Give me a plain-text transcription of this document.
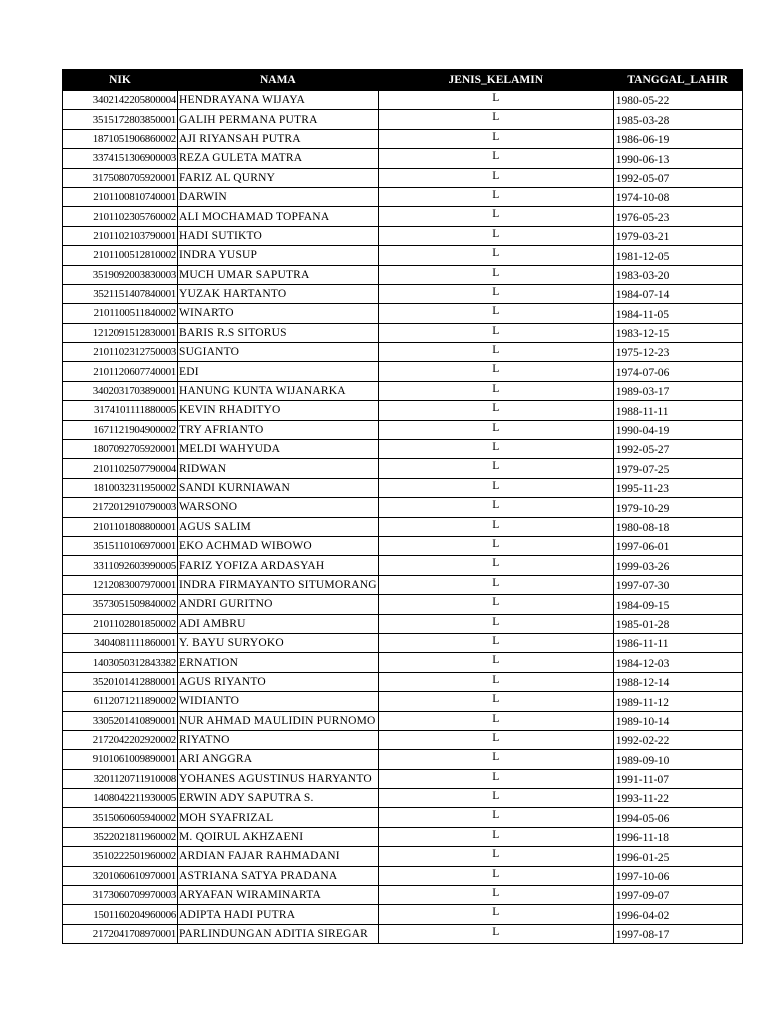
NIK	NAMA	JENIS_KELAMIN	TANGGAL_LAHIR
3402142205800004	HENDRAYANA WIJAYA	L	1980-05-22
3515172803850001	GALIH PERMANA PUTRA	L	1985-03-28
1871051906860002	AJI RIYANSAH PUTRA	L	1986-06-19
3374151306900003	REZA GULETA MATRA	L	1990-06-13
3175080705920001	FARIZ AL QURNY	L	1992-05-07
2101100810740001	DARWIN	L	1974-10-08
2101102305760002	ALI MOCHAMAD TOPFANA	L	1976-05-23
2101102103790001	HADI SUTIKTO	L	1979-03-21
2101100512810002	INDRA YUSUP	L	1981-12-05
3519092003830003	MUCH UMAR SAPUTRA	L	1983-03-20
3521151407840001	YUZAK HARTANTO	L	1984-07-14
2101100511840002	WINARTO	L	1984-11-05
1212091512830001	BARIS R.S SITORUS	L	1983-12-15
2101102312750003	SUGIANTO	L	1975-12-23
2101120607740001	EDI	L	1974-07-06
3402031703890001	HANUNG KUNTA WIJANARKA	L	1989-03-17
3174101111880005	KEVIN RHADITYO	L	1988-11-11
1671121904900002	TRY AFRIANTO	L	1990-04-19
1807092705920001	MELDI WAHYUDA	L	1992-05-27
2101102507790004	RIDWAN	L	1979-07-25
1810032311950002	SANDI KURNIAWAN	L	1995-11-23
2172012910790003	WARSONO	L	1979-10-29
2101101808800001	AGUS SALIM	L	1980-08-18
3515110106970001	EKO ACHMAD WIBOWO	L	1997-06-01
3311092603990005	FARIZ YOFIZA ARDASYAH	L	1999-03-26
1212083007970001	INDRA FIRMAYANTO SITUMORANG	L	1997-07-30
3573051509840002	ANDRI GURITNO	L	1984-09-15
2101102801850002	ADI AMBRU	L	1985-01-28
3404081111860001	Y. BAYU SURYOKO	L	1986-11-11
1403050312843382	ERNATION	L	1984-12-03
3520101412880001	AGUS RIYANTO	L	1988-12-14
6112071211890002	WIDIANTO	L	1989-11-12
3305201410890001	NUR AHMAD MAULIDIN PURNOMO	L	1989-10-14
2172042202920002	RIYATNO	L	1992-02-22
9101061009890001	ARI ANGGRA	L	1989-09-10
3201120711910008	YOHANES AGUSTINUS HARYANTO	L	1991-11-07
1408042211930005	ERWIN ADY SAPUTRA S.	L	1993-11-22
3515060605940002	MOH SYAFRIZAL	L	1994-05-06
3522021811960002	M. QOIRUL AKHZAENI	L	1996-11-18
3510222501960002	ARDIAN FAJAR RAHMADANI	L	1996-01-25
3201060610970001	ASTRIANA SATYA PRADANA	L	1997-10-06
3173060709970003	ARYAFAN WIRAMINARTA	L	1997-09-07
1501160204960006	ADIPTA HADI PUTRA	L	1996-04-02
2172041708970001	PARLINDUNGAN ADITIA SIREGAR	L	1997-08-17
